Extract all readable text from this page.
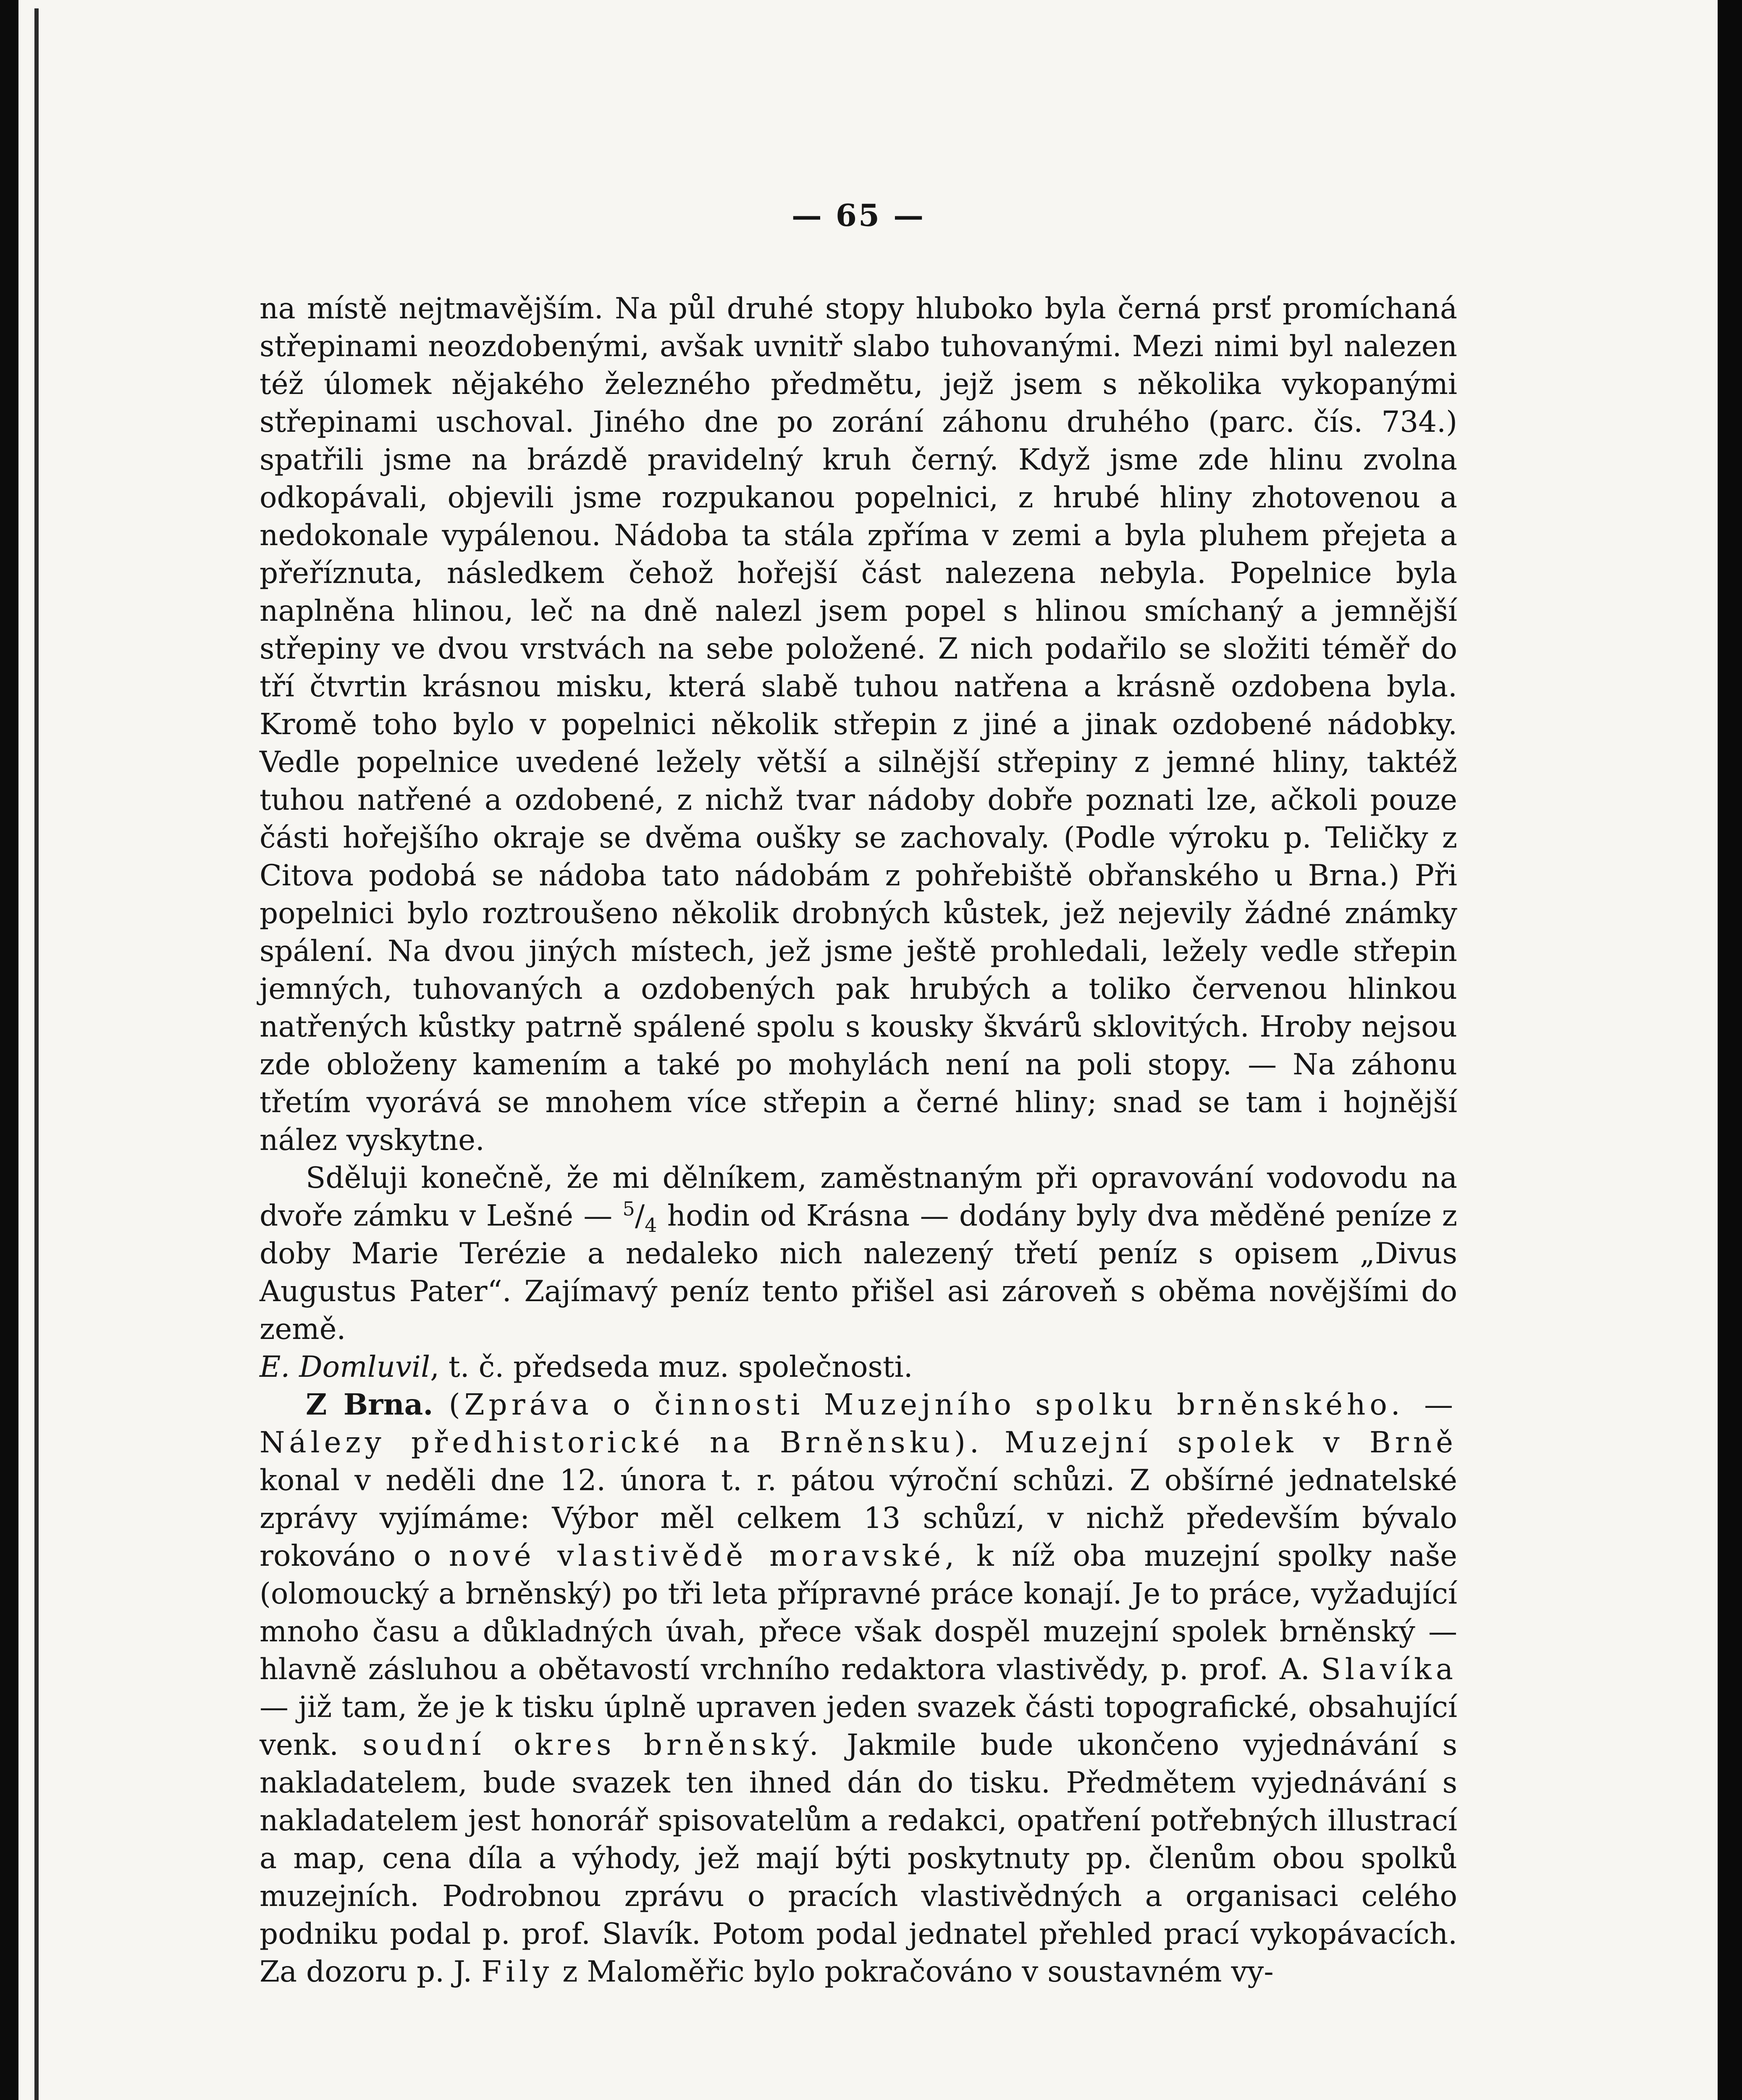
— 65 —

na místě nejtmavějším. Na půl druhé stopy hluboko byla černá prsť promíchaná střepinami neozdobenými, avšak uvnitř slabo tuhovanými. Mezi nimi byl nalezen též úlomek nějakého železného předmětu, jejž jsem s několika vykopanými střepinami uschoval. Jiného dne po zorání záhonu druhého (parc. čís. 734.) spatřili jsme na brázdě pravidelný kruh černý. Když jsme zde hlinu zvolna odkopávali, objevili jsme rozpukanou popelnici, z hrubé hliny zhotovenou a nedokonale vypálenou. Nádoba ta stála zpříma v zemi a byla pluhem přejeta a přeříznuta, následkem čehož hořejší část nalezena nebyla. Popelnice byla naplněna hlinou, leč na dně nalezl jsem popel s hlinou smíchaný a jemnější střepiny ve dvou vrstvách na sebe položené. Z nich podařilo se složiti téměř do tří čtvrtin krásnou misku, která slabě tuhou natřena a krásně ozdobena byla. Kromě toho bylo v popelnici několik střepin z jiné a jinak ozdobené nádobky. Vedle popelnice uvedené ležely větší a silnější střepiny z jemné hliny, taktéž tuhou natřené a ozdobené, z nichž tvar nádoby dobře poznati lze, ačkoli pouze části hořejšího okraje se dvěma oušky se zachovaly. (Podle výroku p. Teličky z Citova podobá se nádoba tato nádobám z pohřebiště obřanského u Brna.) Při popelnici bylo roztroušeno několik drobných kůstek, jež nejevily žádné známky spálení. Na dvou jiných místech, jež jsme ještě prohledali, ležely vedle střepin jemných, tuhovaných a ozdobených pak hrubých a toliko červenou hlinkou natřených kůstky patrně spálené spolu s kousky škvárů sklovitých. Hroby nejsou zde obloženy kamením a také po mohylách není na poli stopy. — Na záhonu třetím vyorává se mnohem více střepin a černé hliny; snad se tam i hojnější nález vyskytne.

Sděluji konečně, že mi dělníkem, zaměstnaným při opravování vodovodu na dvoře zámku v Lešné — $^5/_4$ hodin od Krásna — dodány byly dva měděné peníze z doby Marie Terézie a nedaleko nich nalezený třetí peníz s opisem „Divus Augustus Pater“. Zajímavý peníz tento přišel asi zároveň s oběma novějšími do země.

E. Domluvil, t. č. předseda muz. společnosti.

Z Brna. (Zpráva o činnosti Muzejního spolku brněnského. — Nálezy předhistorické na Brněnsku). Muzejní spolek v Brně konal v neděli dne 12. února t. r. pátou výroční schůzi. Z obšírné jednatelské zprávy vyjímáme: Výbor měl celkem 13 schůzí, v nichž především bývalo rokováno o nové vlastivědě moravské, k níž oba muzejní spolky naše (olomoucký a brněnský) po tři leta přípravné práce konají. Je to práce, vyžadující mnoho času a důkladných úvah, přece však dospěl muzejní spolek brněnský — hlavně zásluhou a obětavostí vrchního redaktora vlastivědy, p. prof. A. Slavíka — již tam, že je k tisku úplně upraven jeden svazek části topografické, obsahující venk. soudní okres brněnský. Jakmile bude ukončeno vyjednávání s nakladatelem, bude svazek ten ihned dán do tisku. Předmětem vyjednávání s nakladatelem jest honorář spisovatelům a redakci, opatření potřebných illustrací a map, cena díla a výhody, jež mají býti poskytnuty pp. členům obou spolků muzejních. Podrobnou zprávu o pracích vlastivědných a organisaci celého podniku podal p. prof. Slavík. Potom podal jednatel přehled prací vykopávacích. Za dozoru p. J. Fily z Maloměřic bylo pokračováno v soustavném vy-
